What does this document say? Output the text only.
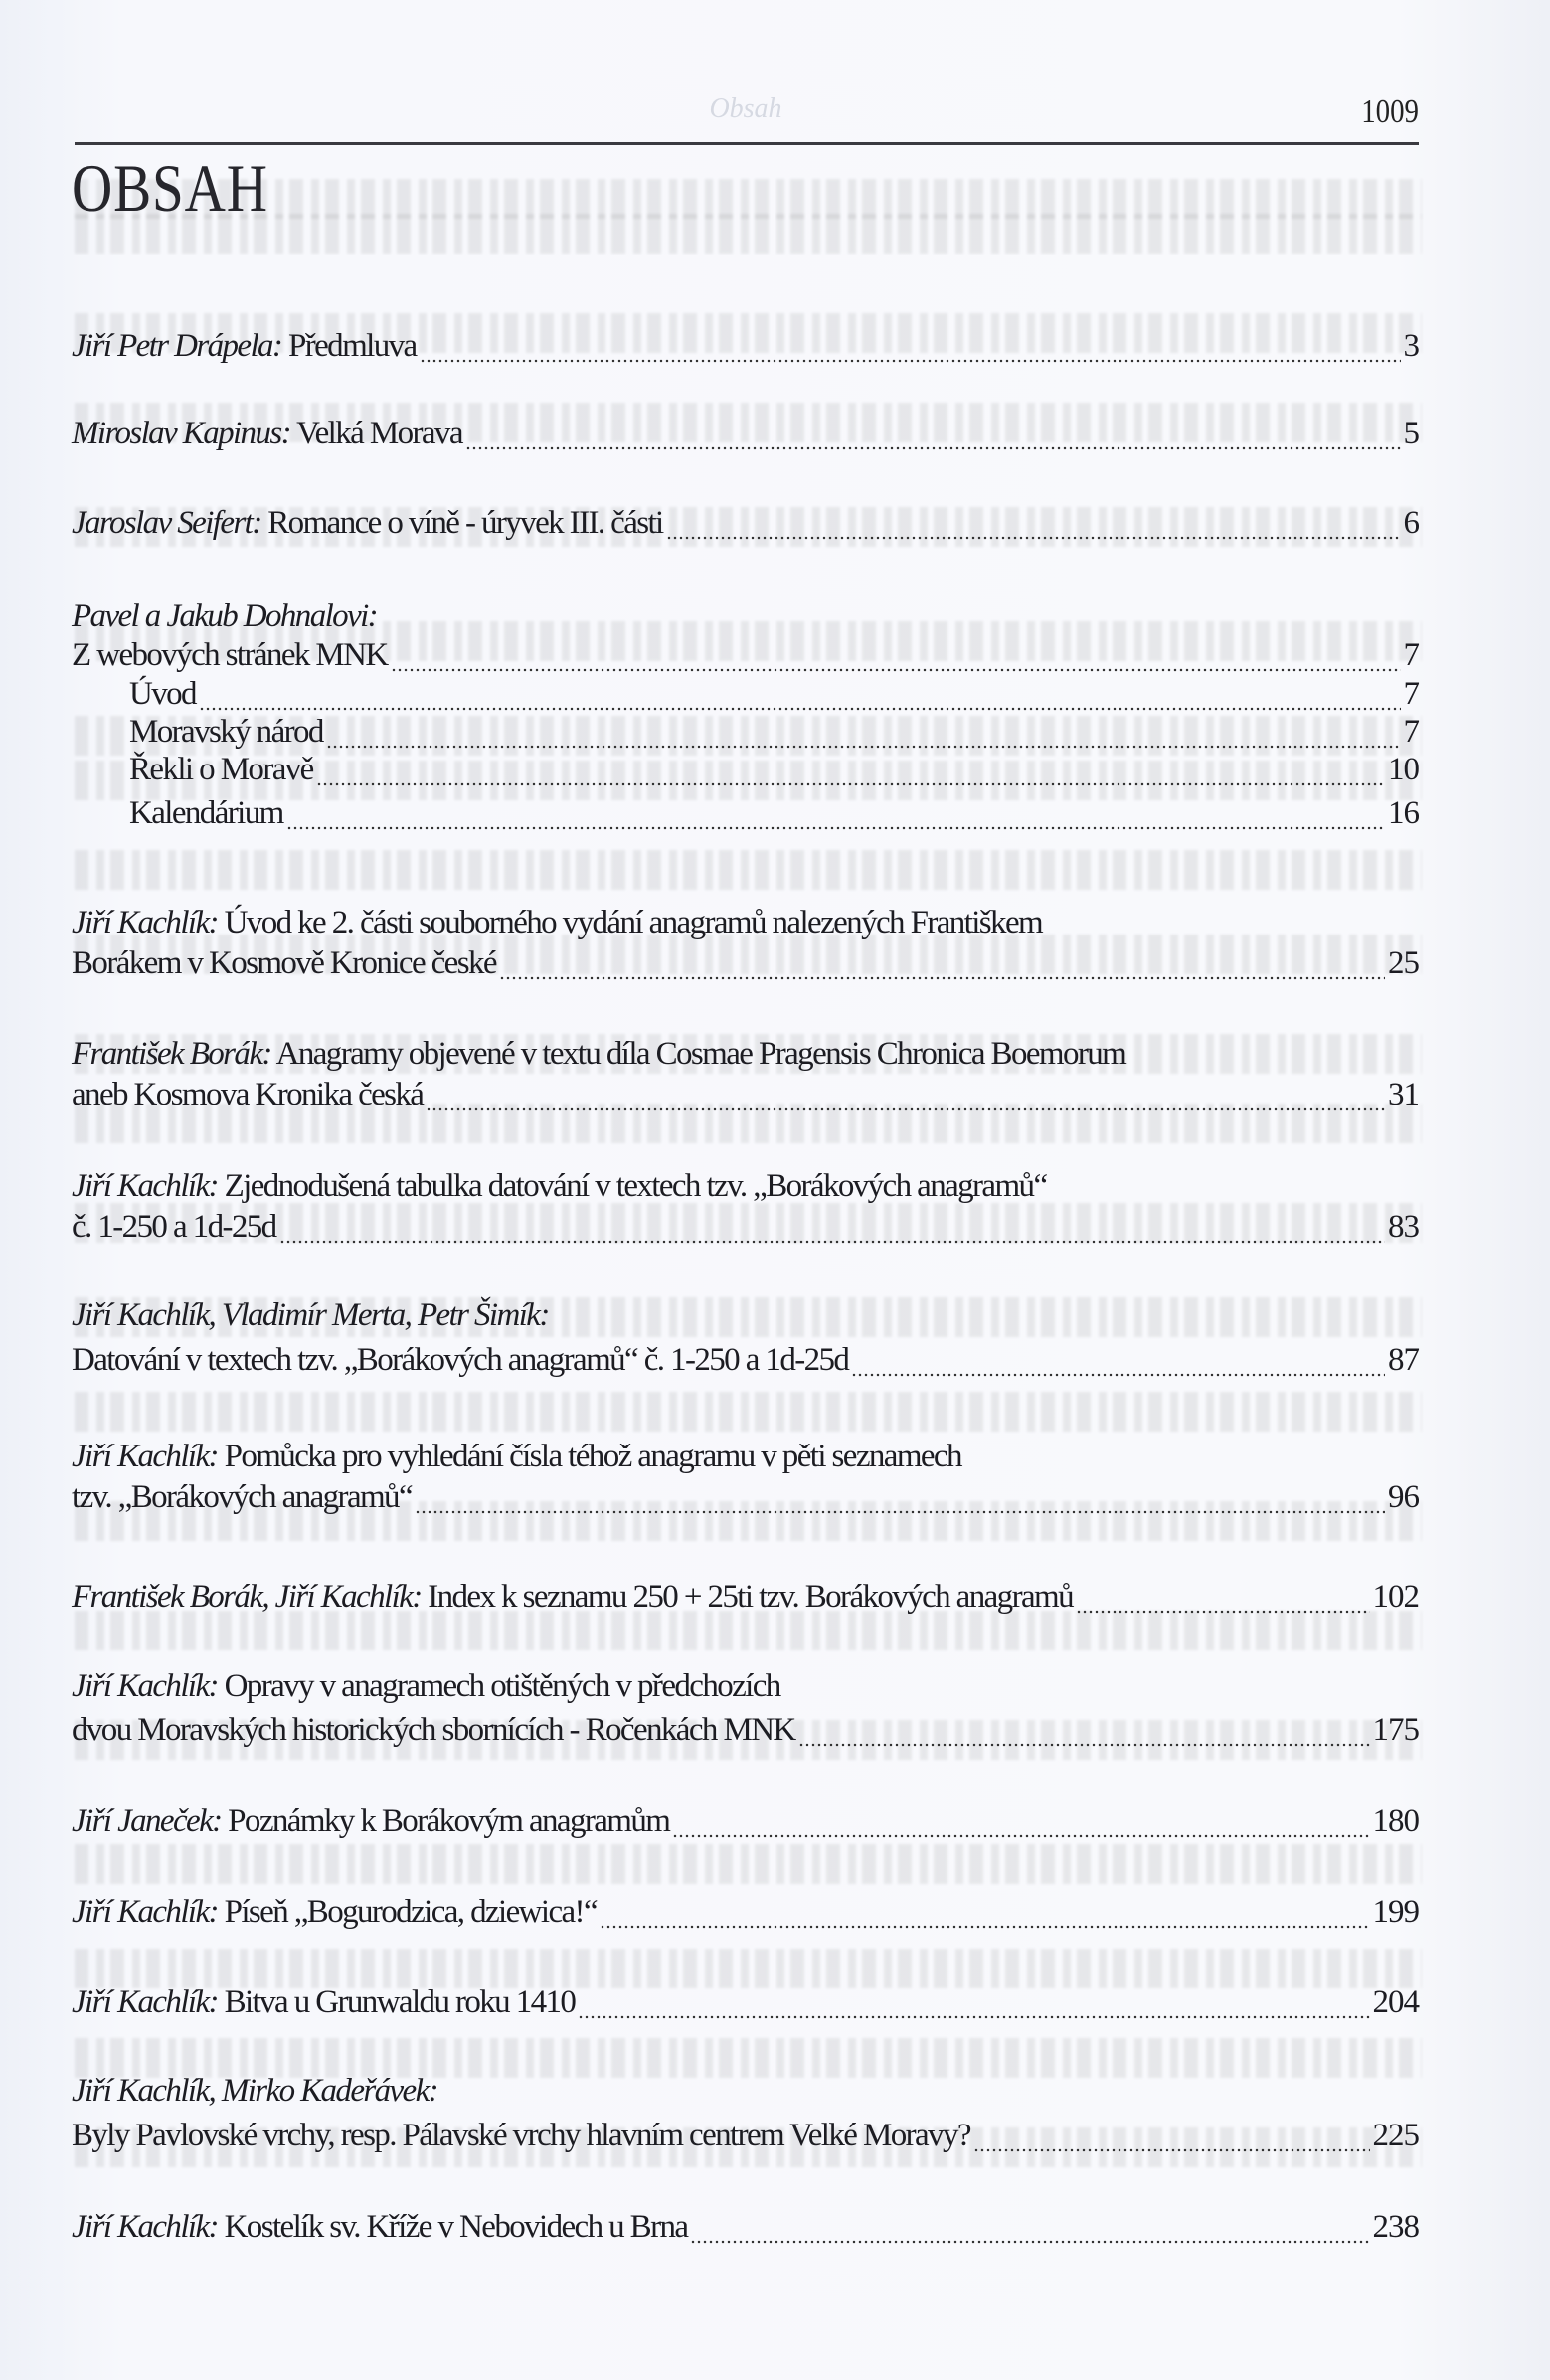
Obsah	1009
OBSAH
Jiří Petr Drápela: Předmluva	3
Miroslav Kapinus: Velká Morava	5
Jaroslav Seifert: Romance o víně - úryvek III. části	6
Pavel a Jakub Dohnalovi:
Z webových stránek MNK	7
Úvod	7
Moravský národ	7
Řekli o Moravě	10
Kalendárium	16
Jiří Kachlík: Úvod ke 2. části souborného vydání anagramů nalezených Františkem
Borákem v Kosmově Kronice české	25
František Borák: Anagramy objevené v textu díla Cosmae Pragensis Chronica Boemorum
aneb Kosmova Kronika česká	31
Jiří Kachlík: Zjednodušená tabulka datování v textech tzv. „Borákových anagramů“
č. 1-250 a 1d-25d	83
Jiří Kachlík, Vladimír Merta, Petr Šimík:
Datování v textech tzv. „Borákových anagramů“ č. 1-250 a 1d-25d	87
Jiří Kachlík: Pomůcka pro vyhledání čísla téhož anagramu v pěti seznamech
tzv. „Borákových anagramů“	96
František Borák, Jiří Kachlík: Index k seznamu 250 + 25ti tzv. Borákových anagramů	102
Jiří Kachlík: Opravy v anagramech otištěných v předchozích
dvou Moravských historických sbornících - Ročenkách MNK	175
Jiří Janeček: Poznámky k Borákovým anagramům	180
Jiří Kachlík: Píseň „Bogurodzica, dziewica!“	199
Jiří Kachlík: Bitva u Grunwaldu roku 1410	204
Jiří Kachlík, Mirko Kadeřávek:
Byly Pavlovské vrchy, resp. Pálavské vrchy hlavním centrem Velké Moravy?	225
Jiří Kachlík: Kostelík sv. Kříže v Nebovidech u Brna	238
